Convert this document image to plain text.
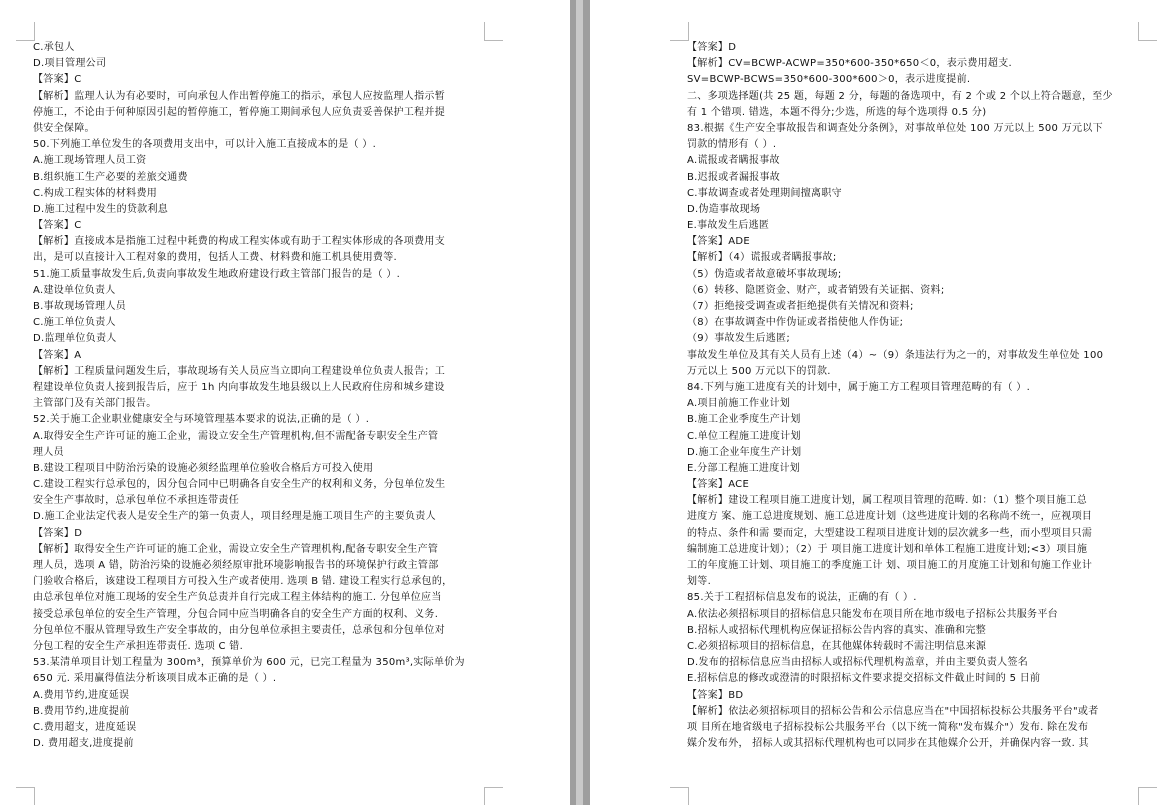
C.承包人
D.项目管理公司
【答案】C
【解析】监理人认为有必要时，可向承包人作出暂停施工的指示，承包人应按监理人指示暂
停施工，不论由于何种原因引起的暂停施工，暂停施工期间承包人应负责妥善保护工程并提
供安全保障。
50.下列施工单位发生的各项费用支出中，可以计入施工直接成本的是（ ）.
A.施工现场管理人员工资
B.组织施工生产必要的差旅交通费
C.构成工程实体的材料费用
D.施工过程中发生的贷款利息
【答案】C
【解析】直接成本是指施工过程中耗费的构成工程实体或有助于工程实体形成的各项费用支
出，是可以直接计入工程对象的费用，包括人工费、材料费和施工机具使用费等.
51.施工质量事故发生后,负责向事故发生地政府建设行政主管部门报告的是（ ）.
A.建设单位负责人
B.事故现场管理人员
C.施工单位负责人
D.监理单位负责人
【答案】A
【解析】工程质量问题发生后，事故现场有关人员应当立即向工程建设单位负责人报告；工
程建设单位负责人接到报告后，应于 1h 内向事故发生地县级以上人民政府住房和城乡建设
主管部门及有关部门报告。
52.关于施工企业职业健康安全与环境管理基本要求的说法,正确的是（ ）.
A.取得安全生产许可证的施工企业，需设立安全生产管理机构,但不需配备专职安全生产管
理人员
B.建设工程项目中防治污染的设施必须经监理单位验收合格后方可投入使用
C.建设工程实行总承包的，因分包合同中已明确各自安全生产的权利和义务，分包单位发生
安全生产事故时，总承包单位不承担连带责任
D.施工企业法定代表人是安全生产的第一负责人，项目经理是施工项目生产的主要负责人
【答案】D
【解析】取得安全生产许可证的施工企业，需设立安全生产管理机构,配备专职安全生产管
理人员，选项 A 错，防治污染的设施必须经原审批环境影响报告书的环境保护行政主管部
门验收合格后，该建设工程项目方可投入生产或者使用. 选项 B 错. 建设工程实行总承包的，
由总承包单位对施工现场的安全生产负总责并自行完成工程主体结构的施工. 分包单位应当
接受总承包单位的安全生产管理，分包合同中应当明确各自的安全生产方面的权利、义务.
分包单位不服从管理导致生产安全事故的，由分包单位承担主要责任，总承包和分包单位对
分包工程的安全生产承担连带责任. 选项 C 错.
53.某清单项目计划工程量为 300m³，预算单价为 600 元，已完工程量为 350m³,实际单价为
650 元. 采用赢得值法分析该项目成本正确的是（ ）.
A.费用节约,进度延误
B.费用节约,进度提前
C.费用超支，进度延误
D. 费用超支,进度提前
【答案】D
【解析】CV=BCWP-ACWP=350*600-350*650＜0，表示费用超支.
SV=BCWP-BCWS=350*600-300*600＞0，表示进度提前.
二、多项选择题(共 25 题，每题 2 分，每题的备选项中，有 2 个或 2 个以上符合题意，至少
有 1 个错项. 错选，本题不得分;少选，所选的每个选项得 0.5 分)
83.根据《生产安全事故报告和调查处分条例》，对事故单位处 100 万元以上 500 万元以下
罚款的情形有（ ）.
A.谎报或者瞒报事故
B.迟报或者漏报事故
C.事故调查或者处理期间擅离职守
D.伪造事故现场
E.事故发生后逃匿
【答案】ADE
【解析】（4）谎报或者瞒报事故;
（5）伪造或者故意破坏事故现场;
（6）转移、隐匿资金、财产，或者销毁有关证据、资料;
（7）拒绝接受调查或者拒绝提供有关情况和资料;
（8）在事故调查中作伪证或者指使他人作伪证;
（9）事故发生后逃匿;
事故发生单位及其有关人员有上述（4）~（9）条违法行为之一的，对事故发生单位处 100
万元以上 500 万元以下的罚款.
84.下列与施工进度有关的计划中，属于施工方工程项目管理范畴的有（ ）.
A.项目前施工作业计划
B.施工企业季度生产计划
C.单位工程施工进度计划
D.施工企业年度生产计划
E.分部工程施工进度计划
【答案】ACE
【解析】建设工程项目施工进度计划，属工程项目管理的范畴. 如：（1）整个项目施工总
进度方 案、施工总进度规划、施工总进度计划（这些进度计划的名称尚不统一，应视项目
的特点、条件和需 要而定，大型建设工程项目进度计划的层次就多一些，而小型项目只需
编制施工总进度计划）；（2）于 项目施工进度计划和单体工程施工进度计划;<3）项目施
工的年度施工计划、项目施工的季度施工计 划、项目施工的月度施工计划和旬施工作业计
划等.
85.关于工程招标信息发布的说法，正确的有（ ）.
A.依法必须招标项目的招标信息只能发布在项目所在地市级电子招标公共服务平台
B.招标人或招标代理机构应保证招标公告内容的真实、准确和完整
C.必须招标项目的招标信息，在其他媒体转载时不需注明信息来源
D.发布的招标信息应当由招标人或招标代理机构盖章，并由主要负责人签名
E.招标信息的修改或澄清的时限招标文件要求提交招标文件截止时间的 5 日前
【答案】BD
【解析】依法必须招标项目的招标公告和公示信息应当在"中国招标投标公共服务平台"或者
项 目所在地省级电子招标投标公共服务平台（以下统一简称"发布媒介"）发布. 除在发布
媒介发布外， 招标人或其招标代理机构也可以同步在其他媒介公开，并确保内容一致. 其
